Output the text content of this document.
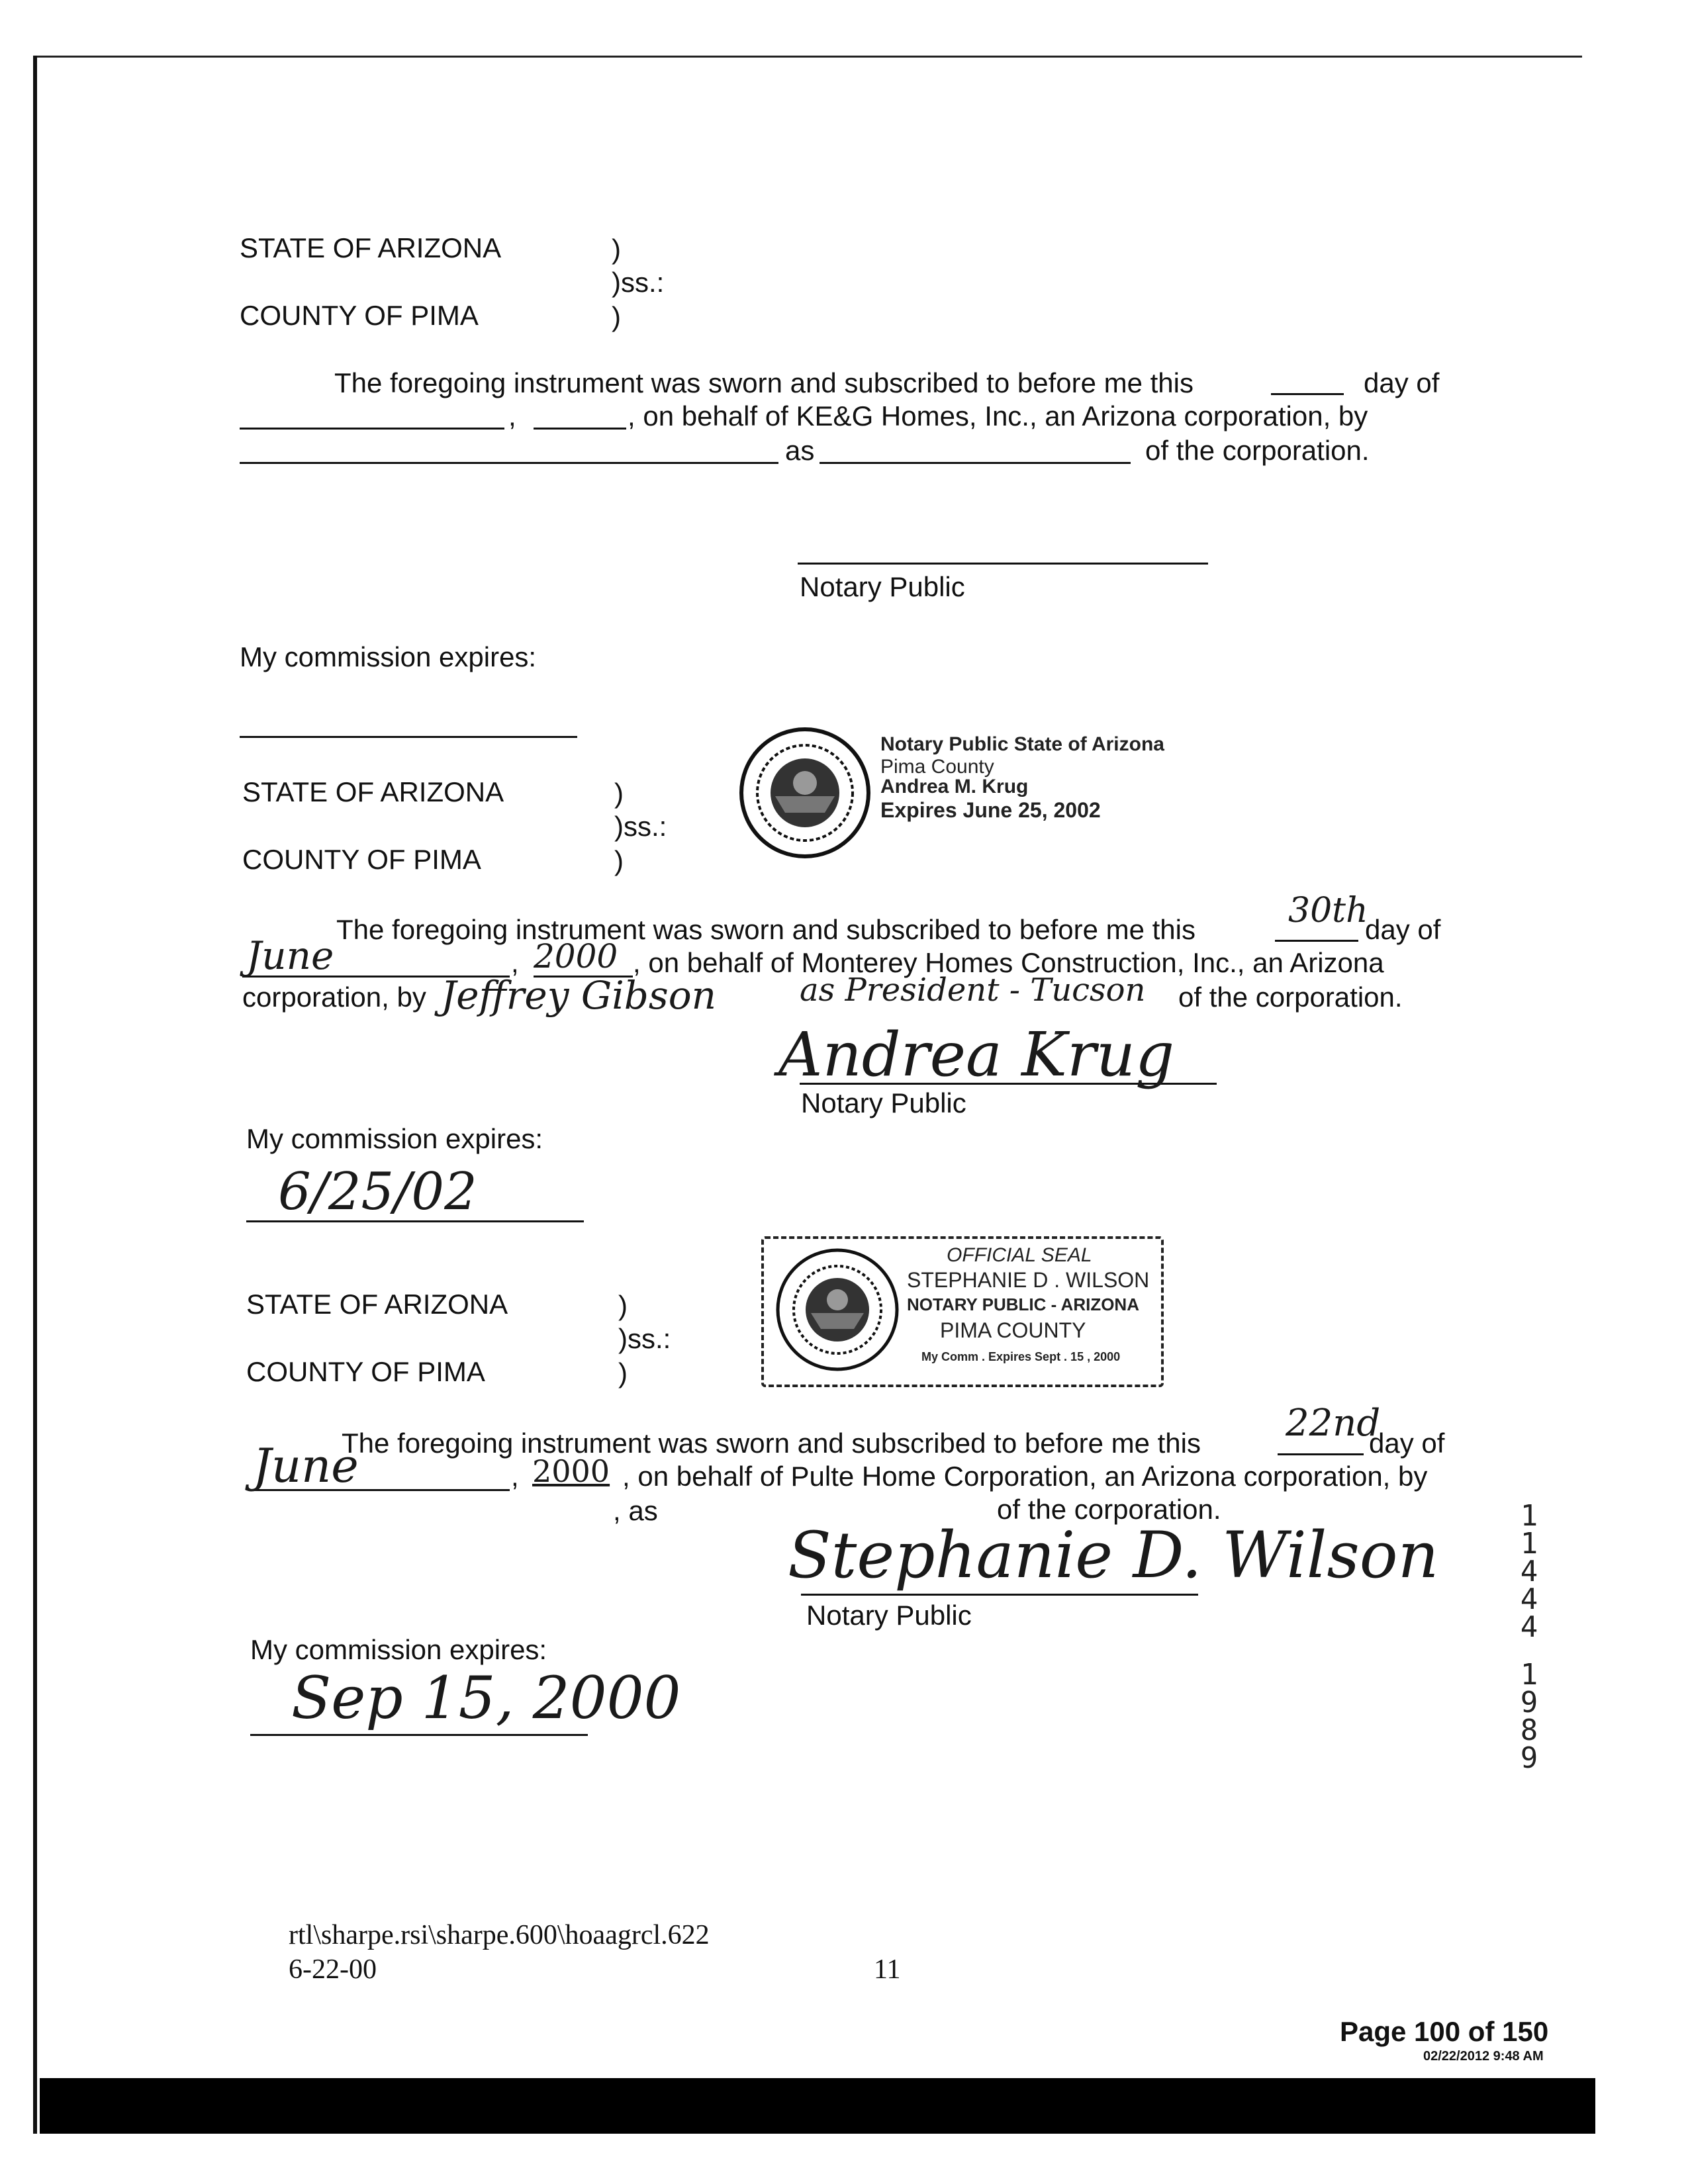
STATE OF ARIZONA	)
)ss.:
COUNTY OF PIMA	)
The foregoing instrument was sworn and subscribed to before me this	day of
,	, on behalf of KE&G Homes, Inc., an Arizona corporation, by
as	of the corporation.
Notary Public
My commission expires:
Notary Public State of Arizona
Pima County
Andrea M. Krug
Expires June 25, 2002
STATE OF ARIZONA	)
)ss.:
COUNTY OF PIMA	)
The foregoing instrument was sworn and subscribed to before me this	30th
day of
June	, 2000 , on behalf of Monterey Homes Construction, Inc., an Arizona
corporation, by Jeffrey Gibson	as President - Tucson of the corporation.
Andrea Krug
Notary Public
My commission expires:
6/25/02
OFFICIAL SEAL
STEPHANIE D . WILSON
NOTARY PUBLIC - ARIZONA
PIMA COUNTY
My Comm . Expires Sept . 15 , 2000
STATE OF ARIZONA	)
)ss.:
COUNTY OF PIMA	)
The foregoing instrument was sworn and subscribed to before me this 22nd
day of
June	, 2000 , on behalf of Pulte Home Corporation, an Arizona corporation, by
, as	of the corporation.
Stephanie D. Wilson
Notary Public
My commission expires:
Sep 15, 2000
1
1
4
4
4
1
9
8
9
rtl\sharpe.rsi\sharpe.600\hoaagrcl.622
6-22-00	11
Page 100 of 150
02/22/2012 9:48 AM
